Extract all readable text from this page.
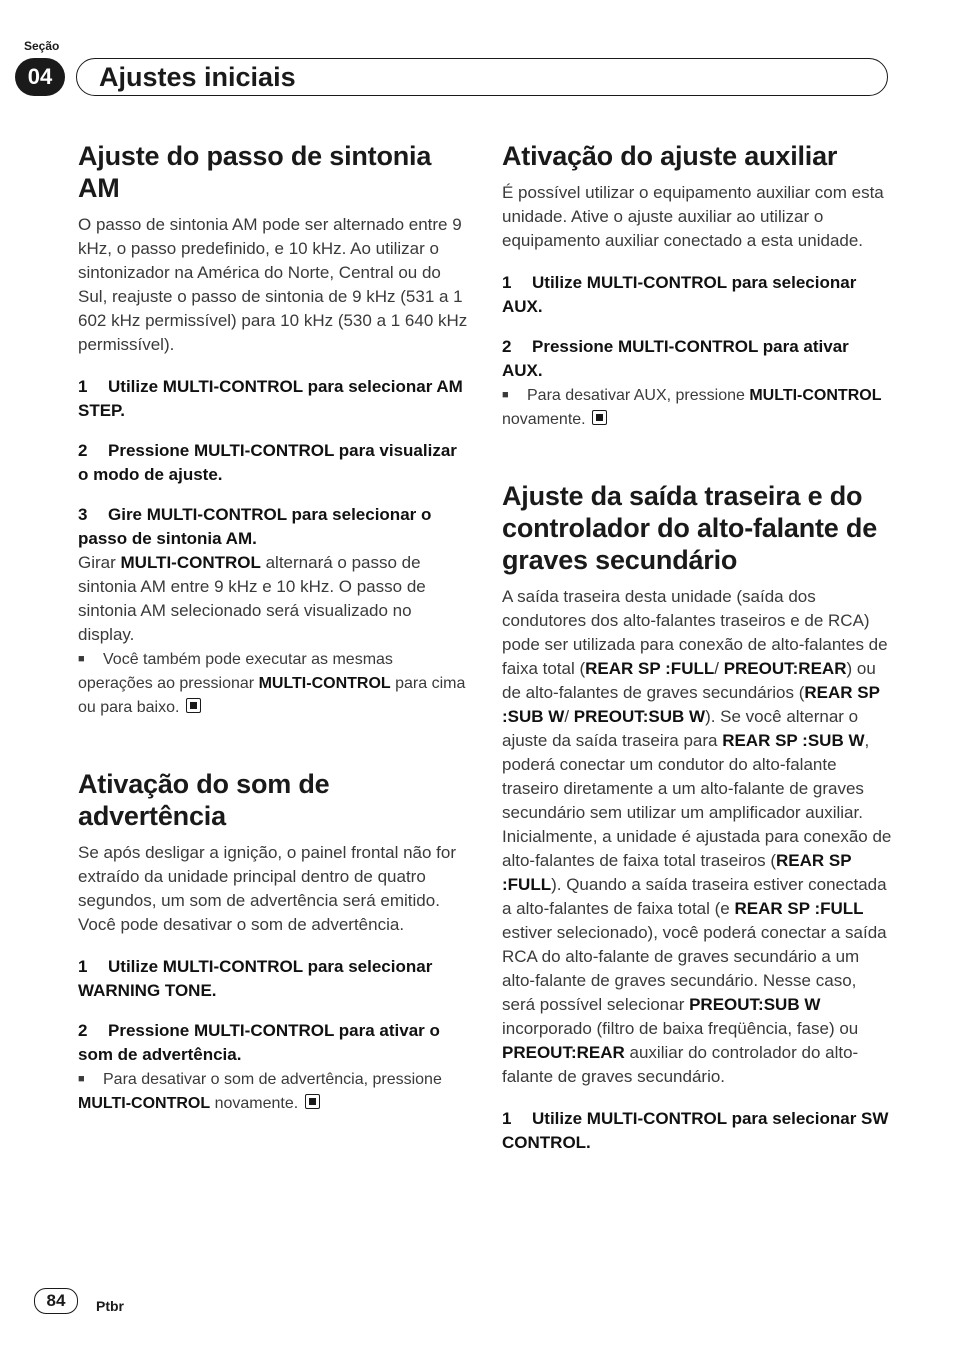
Seção
04	Ajustes iniciais
Ajuste do passo de sintonia AM

O passo de sintonia AM pode ser alternado entre 9 kHz, o passo predefinido, e 10 kHz. Ao utilizar o sintonizador na América do Norte, Central ou do Sul, reajuste o passo de sintonia de 9 kHz (531 a 1 602 kHz permissível) para 10 kHz (530 a 1 640 kHz permissível).

1 Utilize MULTI-CONTROL para selecionar AM STEP.

2 Pressione MULTI-CONTROL para visualizar o modo de ajuste.

3 Gire MULTI-CONTROL para selecionar o passo de sintonia AM.

Girar MULTI-CONTROL alternará o passo de sintonia AM entre 9 kHz e 10 kHz. O passo de sintonia AM selecionado será visualizado no display.

■ Você também pode executar as mesmas operações ao pressionar MULTI-CONTROL para cima ou para baixo.

Ativação do som de advertência

Se após desligar a ignição, o painel frontal não for extraído da unidade principal dentro de quatro segundos, um som de advertência será emitido. Você pode desativar o som de advertência.

1 Utilize MULTI-CONTROL para selecionar WARNING TONE.

2 Pressione MULTI-CONTROL para ativar o som de advertência.

■ Para desativar o som de advertência, pressione MULTI-CONTROL novamente.

Ativação do ajuste auxiliar

É possível utilizar o equipamento auxiliar com esta unidade. Ative o ajuste auxiliar ao utilizar o equipamento auxiliar conectado a esta unidade.

1 Utilize MULTI-CONTROL para selecionar AUX.

2 Pressione MULTI-CONTROL para ativar AUX.

■ Para desativar AUX, pressione MULTI-CONTROL novamente.

Ajuste da saída traseira e do controlador do alto-falante de graves secundário

A saída traseira desta unidade (saída dos condutores dos alto-falantes traseiros e de RCA) pode ser utilizada para conexão de alto-falantes de faixa total (REAR SP :FULL/ PREOUT:REAR) ou de alto-falantes de graves secundários (REAR SP :SUB W/ PREOUT:SUB W). Se você alternar o ajuste da saída traseira para REAR SP :SUB W, poderá conectar um condutor do alto-falante traseiro diretamente a um alto-falante de graves secundário sem utilizar um amplificador auxiliar. Inicialmente, a unidade é ajustada para conexão de alto-falantes de faixa total traseiros (REAR SP :FULL). Quando a saída traseira estiver conectada a alto-falantes de faixa total (e REAR SP :FULL estiver selecionado), você poderá conectar a saída RCA do alto-falante de graves secundário a um alto-falante de graves secundário. Nesse caso, será possível selecionar PREOUT:SUB W incorporado (filtro de baixa freqüência, fase) ou PREOUT:REAR auxiliar do controlador do alto-falante de graves secundário.

1 Utilize MULTI-CONTROL para selecionar SW CONTROL.

84	Ptbr
